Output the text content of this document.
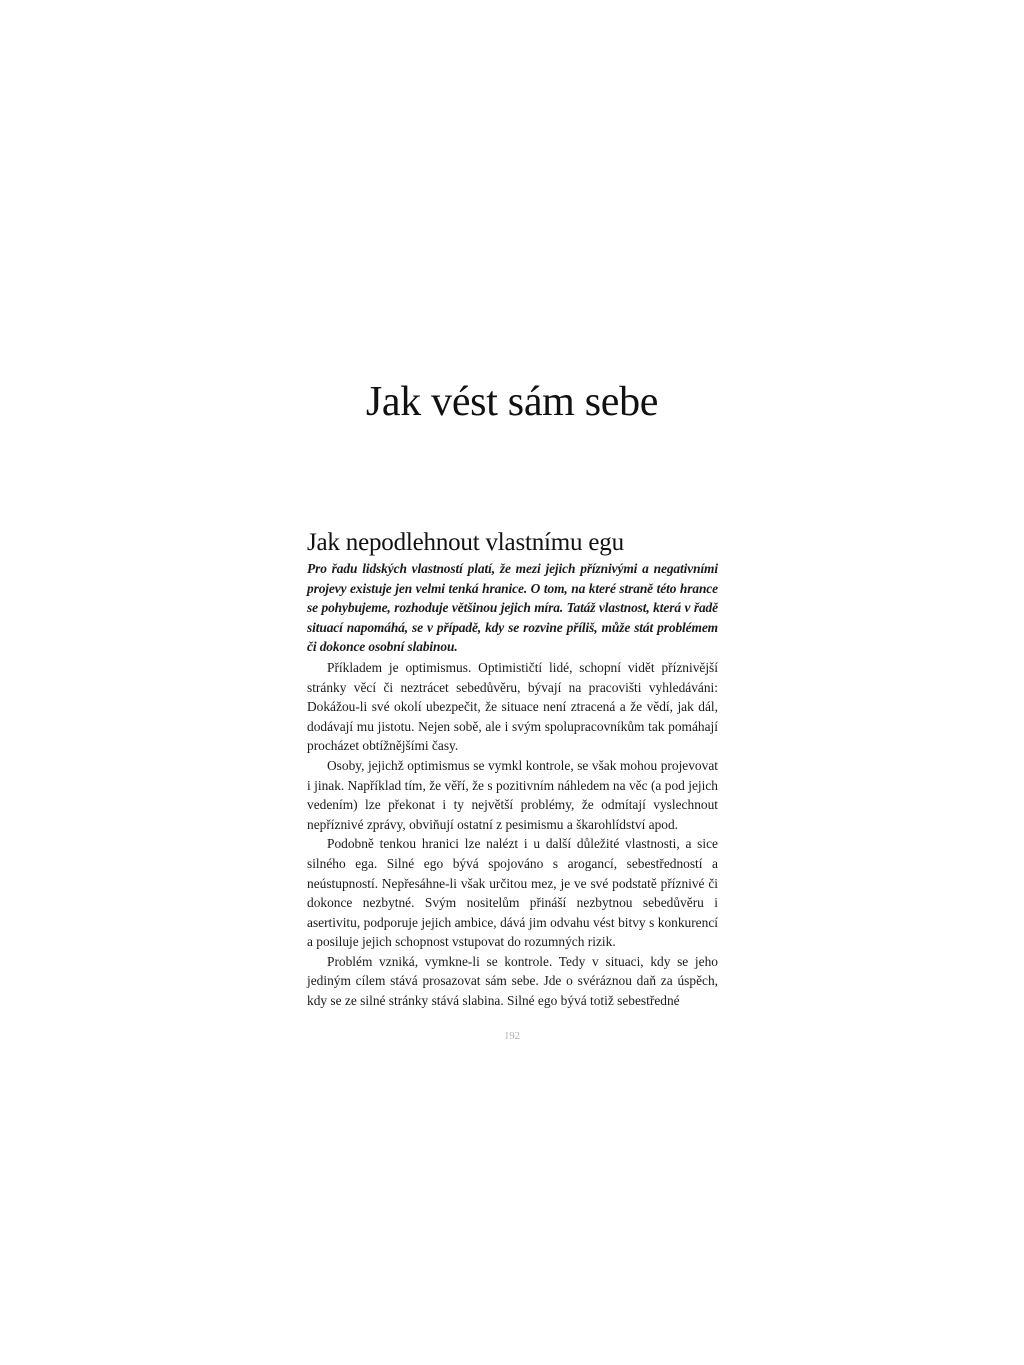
Jak vést sám sebe
Jak nepodlehnout vlastnímu egu

Pro řadu lidských vlastností platí, že mezi jejich příznivými a negativními projevy existuje jen velmi tenká hranice. O tom, na které straně této hrance se pohybujeme, rozhoduje většinou jejich míra. Tatáž vlastnost, která v řadě situací napomáhá, se v případě, kdy se rozvine příliš, může stát problémem či dokonce osobní slabinou.

Příkladem je optimismus. Optimističtí lidé, schopní vidět příznivější stránky věcí či neztrácet sebedůvěru, bývají na pracovišti vyhledáváni: Dokážou-li své okolí ubezpečit, že situace není ztracená a že vědí, jak dál, dodávají mu jistotu. Nejen sobě, ale i svým spolupracovníkům tak pomáhají procházet obtížnějšími časy.

Osoby, jejichž optimismus se vymkl kontrole, se však mohou projevovat i jinak. Například tím, že věří, že s pozitivním náhledem na věc (a pod jejich vedením) lze překonat i ty největší problémy, že odmítají vyslechnout nepříznivé zprávy, obviňují ostatní z pesimismu a škarohlídství apod.

Podobně tenkou hranici lze nalézt i u další důležité vlastnosti, a sice silného ega. Silné ego bývá spojováno s arogancí, sebestředností a neústupností. Nepřesáhne-li však určitou mez, je ve své podstatě příznivé či dokonce nezbytné. Svým nositelům přináší nezbytnou sebedůvěru i asertivitu, podporuje jejich ambice, dává jim odvahu vést bitvy s konkurencí a posiluje jejich schopnost vstupovat do rozumných rizik.

Problém vzniká, vymkne-li se kontrole. Tedy v situaci, kdy se jeho jediným cílem stává prosazovat sám sebe. Jde o svéráznou daň za úspěch, kdy se ze silné stránky stává slabina. Silné ego bývá totiž sebestředné

192
